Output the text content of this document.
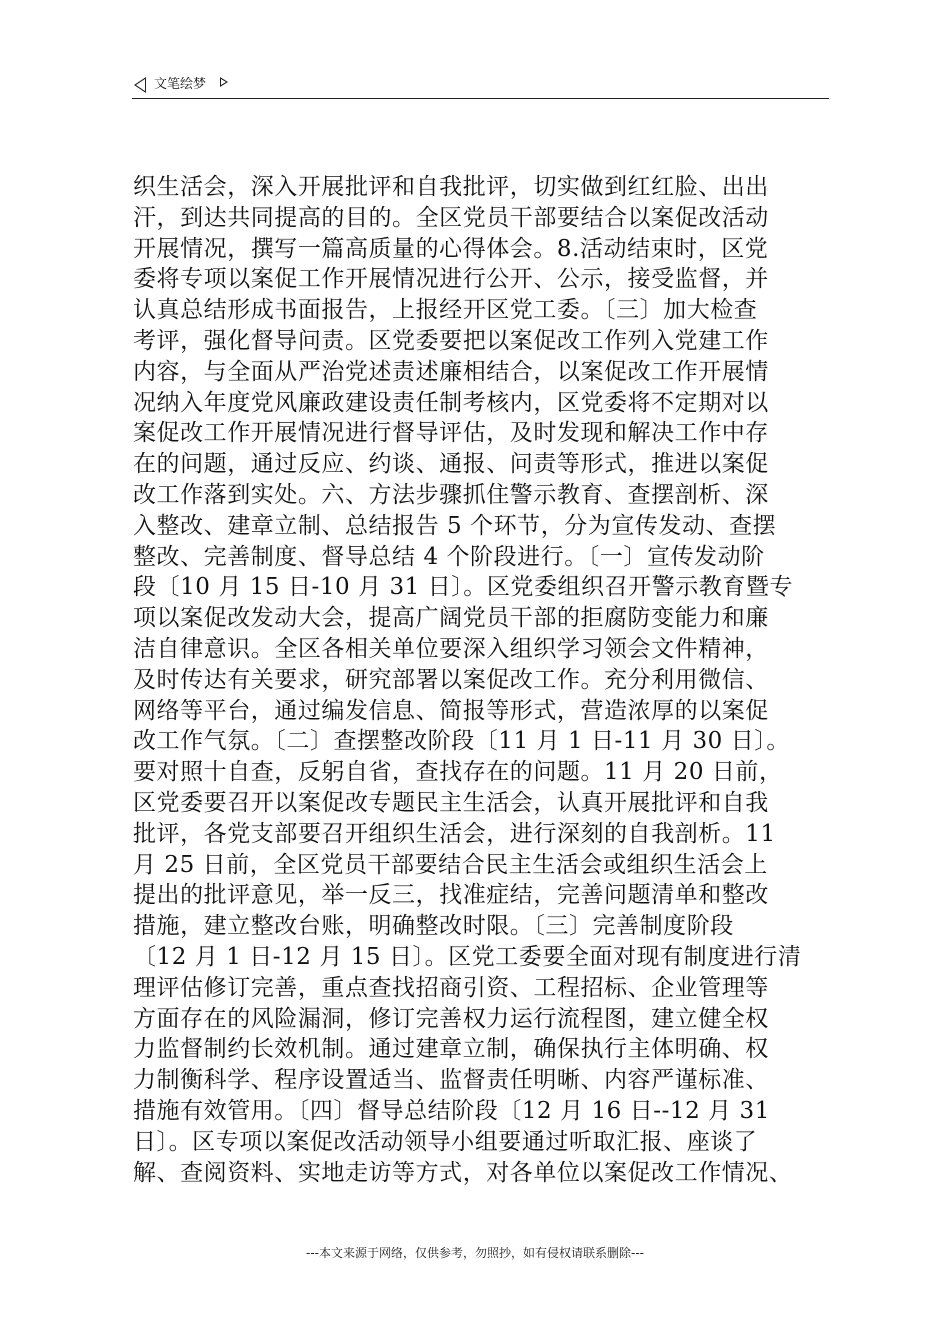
文笔绘梦
织生活会，深入开展批评和自我批评，切实做到红红脸、出出
汗，到达共同提高的目的。全区党员干部要结合以案促改活动
开展情况，撰写一篇高质量的心得体会。8.活动结束时，区党
委将专项以案促工作开展情况进行公开、公示，接受监督，并
认真总结形成书面报告，上报经开区党工委。〔三〕加大检查
考评，强化督导问责。区党委要把以案促改工作列入党建工作
内容，与全面从严治党述责述廉相结合，以案促改工作开展情
况纳入年度党风廉政建设责任制考核内，区党委将不定期对以
案促改工作开展情况进行督导评估，及时发现和解决工作中存
在的问题，通过反应、约谈、通报、问责等形式，推进以案促
改工作落到实处。六、方法步骤抓住警示教育、查摆剖析、深
入整改、建章立制、总结报告 5 个环节，分为宣传发动、查摆
整改、完善制度、督导总结 4 个阶段进行。〔一〕宣传发动阶
段〔10 月 15 日-10 月 31 日〕。区党委组织召开警示教育暨专
项以案促改发动大会，提高广阔党员干部的拒腐防变能力和廉
洁自律意识。全区各相关单位要深入组织学习领会文件精神，
及时传达有关要求，研究部署以案促改工作。充分利用微信、
网络等平台，通过编发信息、简报等形式，营造浓厚的以案促
改工作气氛。〔二〕查摆整改阶段〔11 月 1 日-11 月 30 日〕。
要对照十自查，反躬自省，查找存在的问题。11 月 20 日前，
区党委要召开以案促改专题民主生活会，认真开展批评和自我
批评，各党支部要召开组织生活会，进行深刻的自我剖析。11
月 25 日前，全区党员干部要结合民主生活会或组织生活会上
提出的批评意见，举一反三，找准症结，完善问题清单和整改
措施，建立整改台账，明确整改时限。〔三〕完善制度阶段
〔12 月 1 日-12 月 15 日〕。区党工委要全面对现有制度进行清
理评估修订完善，重点查找招商引资、工程招标、企业管理等
方面存在的风险漏洞，修订完善权力运行流程图，建立健全权
力监督制约长效机制。通过建章立制，确保执行主体明确、权
力制衡科学、程序设置适当、监督责任明晰、内容严谨标准、
措施有效管用。〔四〕督导总结阶段〔12 月 16 日--12 月 31
日〕。区专项以案促改活动领导小组要通过听取汇报、座谈了
解、查阅资料、实地走访等方式，对各单位以案促改工作情况、
---本文来源于网络，仅供参考，勿照抄，如有侵权请联系删除---
